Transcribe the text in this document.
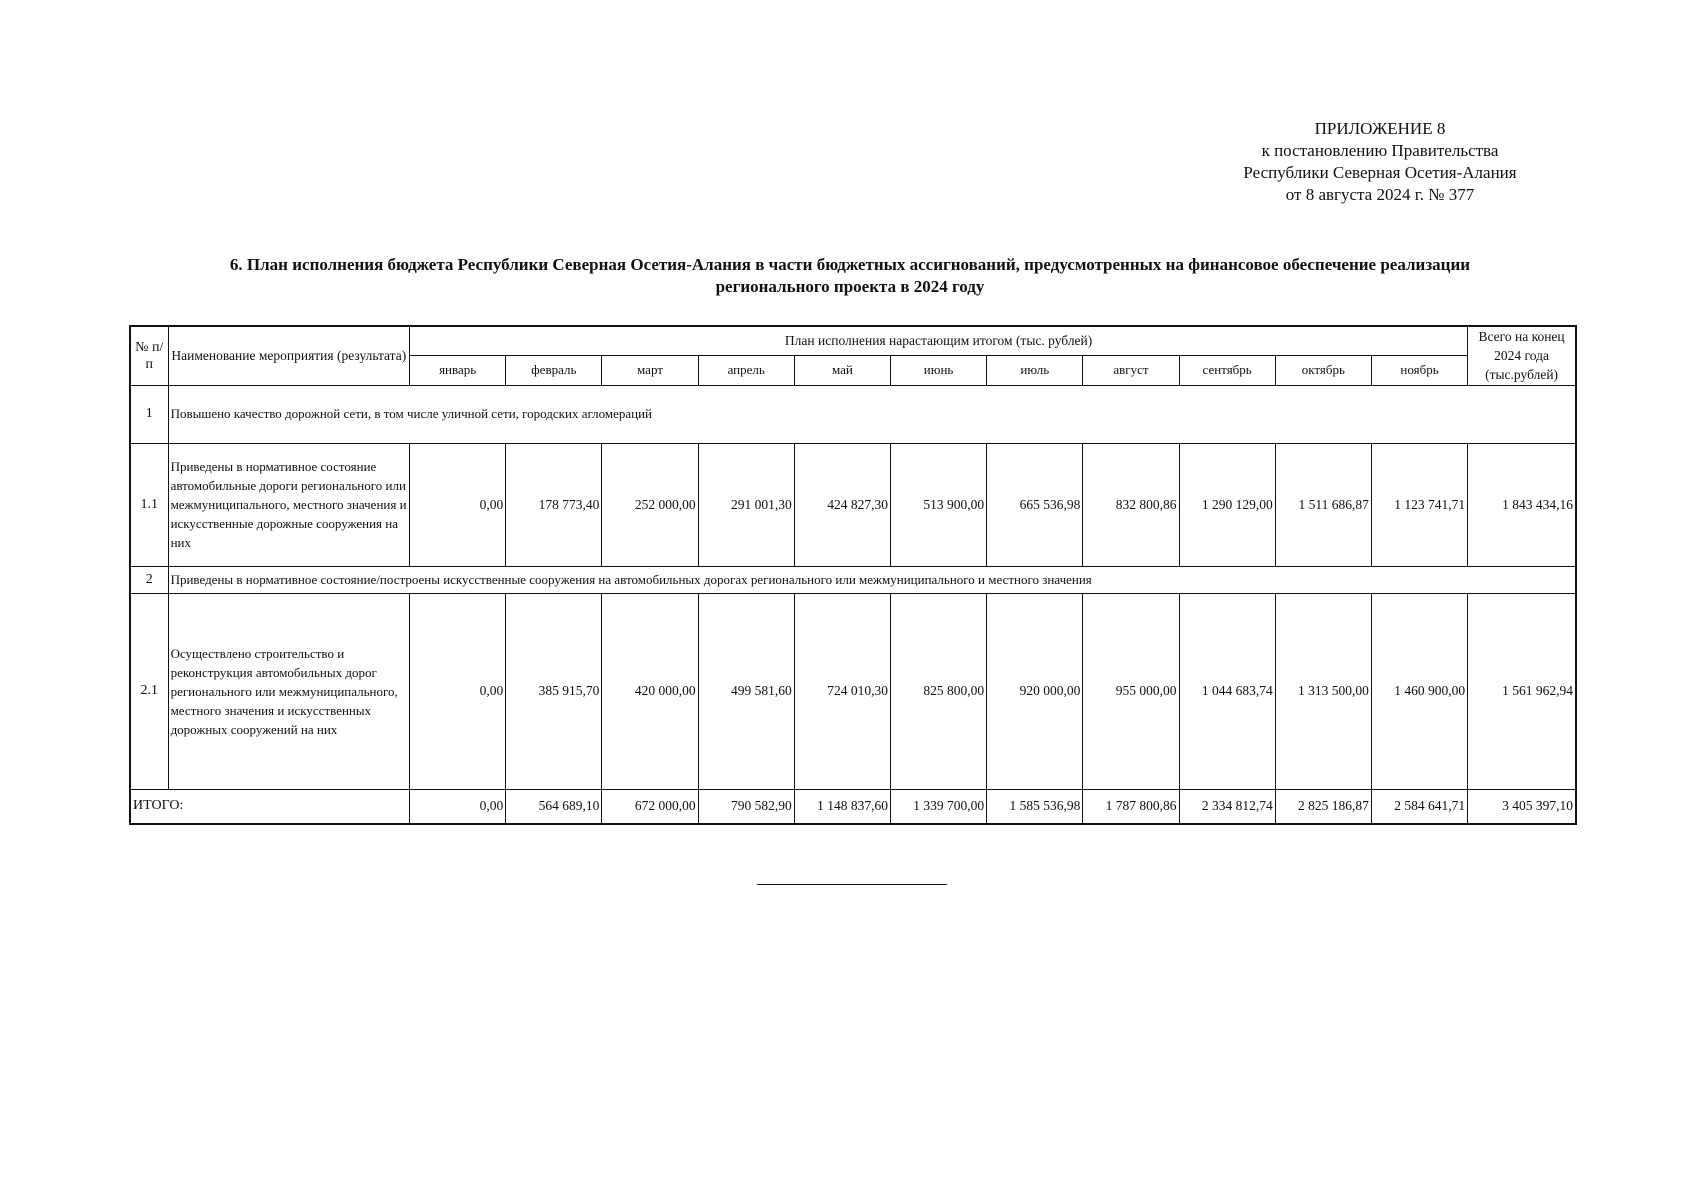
ПРИЛОЖЕНИЕ 8
к постановлению Правительства
Республики Северная Осетия-Алания
от 8 августа 2024 г. № 377
6. План исполнения бюджета Республики Северная Осетия-Алания в части бюджетных ассигнований, предусмотренных на финансовое обеспечение реализации
регионального проекта в 2024 году
№ п/п	Наименование мероприятия (результата)	План исполнения нарастающим итогом (тыс. рублей)											Всего на конец 2024 года (тыс.рублей)
		январь	февраль	март	апрель	май	июнь	июль	август	сентябрь	октябрь	ноябрь	
1	Повышено качество дорожной сети, в том числе уличной сети, городских агломераций												
1.1	Приведены в нормативное состояние автомобильные дороги регионального или межмуниципального, местного значения и искусственные дорожные сооружения на них	0,00	178 773,40	252 000,00	291 001,30	424 827,30	513 900,00	665 536,98	832 800,86	1 290 129,00	1 511 686,87	1 123 741,71	1 843 434,16
2	Приведены в нормативное состояние/построены искусственные сооружения на автомобильных дорогах регионального или межмуниципального и местного значения												
2.1	Осуществлено строительство и реконструкция автомобильных дорог регионального или межмуниципального, местного значения и искусственных дорожных сооружений на них	0,00	385 915,70	420 000,00	499 581,60	724 010,30	825 800,00	920 000,00	955 000,00	1 044 683,74	1 313 500,00	1 460 900,00	1 561 962,94
ИТОГО:		0,00	564 689,10	672 000,00	790 582,90	1 148 837,60	1 339 700,00	1 585 536,98	1 787 800,86	2 334 812,74	2 825 186,87	2 584 641,71	3 405 397,10
